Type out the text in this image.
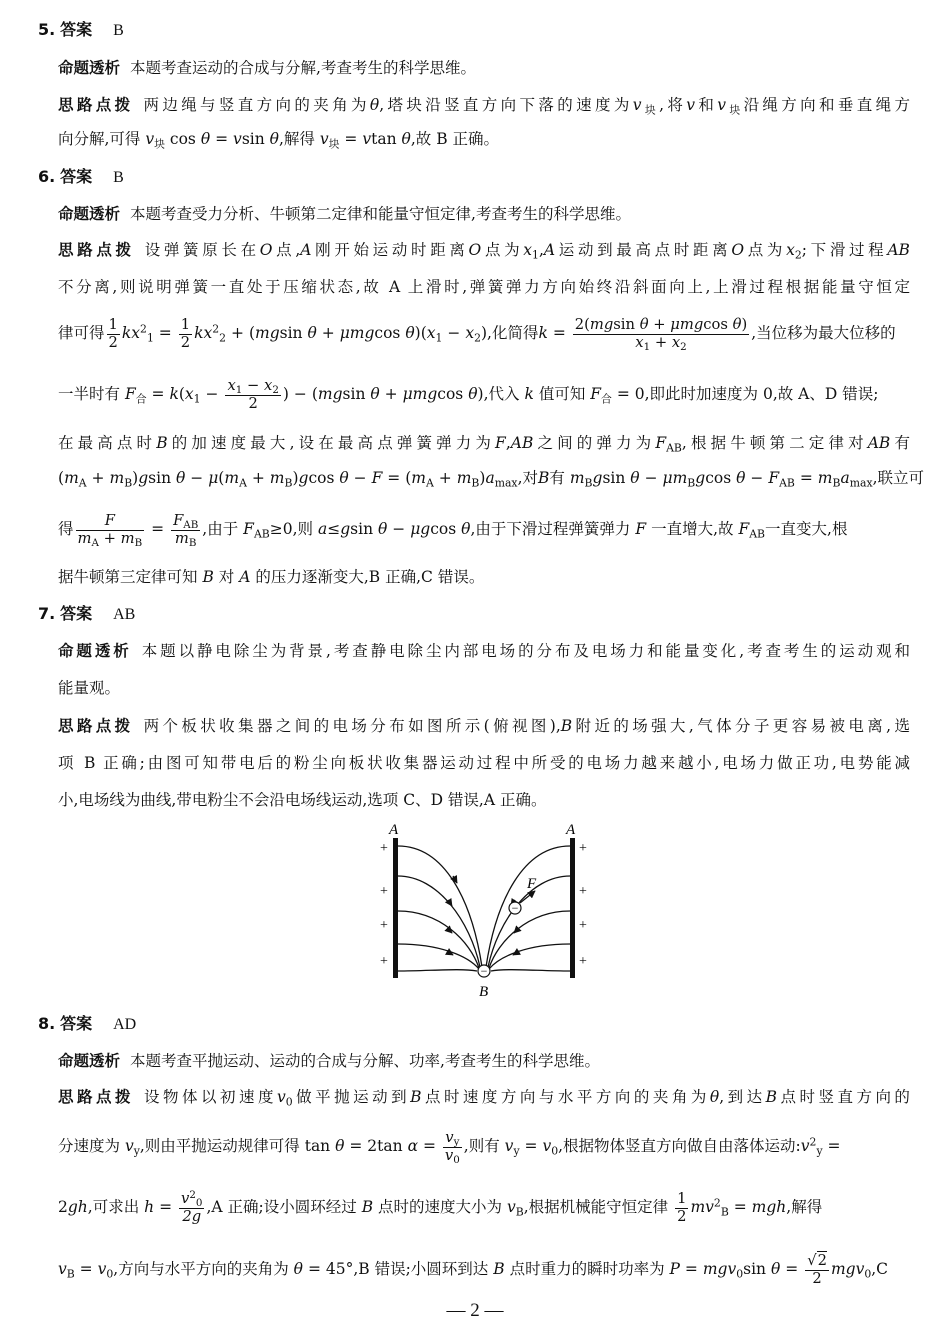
5. 答案 B
命题透析 本题考查运动的合成与分解,考查考生的科学思维。
思路点拨 两边绳与竖直方向的夹角为θ,塔块沿竖直方向下落的速度为$v_块$,将v和$v_块$沿绳方向和垂直绳方
向分解,可得 $v_块$ cos θ = vsin θ,解得 $v_块 = vtan$ θ,故 B 正确。
6. 答案 B
命题透析 本题考查受力分析、牛顿第二定律和能量守恒定律,考查考生的科学思维。
思路点拨 设弹簧原长在O点,A刚开始运动时距离O点为$x_1,A$运动到最高点时距离O点为$x_2$;下滑过程AB
不分离,则说明弹簧一直处于压缩状态,故 A 上滑时,弹簧弹力方向始终沿斜面向上,上滑过程根据能量守恒定
律可得 $\frac{1}{2} kx^2_1 = \frac{1}{2} kx^2_2 + (mgsin$ θ + μmgcos $\theta)(x_1 - x_2)$,化简得$k = \frac{\text{2(mgsin θ + μmgcos θ)}}{x_1 + x_2}$ ,当位移为最大位移的
一半时有 $F_合 = k(x_1 - \frac{x_1 - x_2}{2}$ ) − (mgsin θ + μmgcos θ),代入 k 值可知 $F_合 = 0$,即此时加速度为 0,故 A、D 错误;
在最高点时B的加速度最大,设在最高点弹簧弹力为F,AB之间的弹力为$F_{AB}$,根据牛顿第二定律对AB有
$(m_A + m_B)gsin$ $\theta - \mu(m_A + m_B)gcos$ $\theta - F = (m_A + m_B)a_{max}$,对B有 $m_Bgsin$ $\theta - \mu m_Bgcos$ $\theta - F_{AB} = m_Ba_{max}$,联立可
得 $\frac{F}{m_A + m_B} = \frac{F_{AB}}{m_B}$ ,由于 $F_{AB}\ge 0$,则 a≤gsin θ − μgcos θ,由于下滑过程弹簧弹力 F 一直增大,故 $F_{AB}$一直变大,根
据牛顿第三定律可知 B 对 A 的压力逐渐变大,B 正确,C 错误。
7. 答案 AB
命题透析 本题以静电除尘为背景,考查静电除尘内部电场的分布及电场力和能量变化,考查考生的运动观和
能量观。
思路点拨 两个板状收集器之间的电场分布如图所示(俯视图),B附近的场强大,气体分子更容易被电离,选
项 B 正确;由图可知带电后的粉尘向板状收集器运动过程中所受的电场力越来越小,电场力做正功,电势能减
小,电场线为曲线,带电粉尘不会沿电场线运动,选项 C、D 错误,A 正确。
A	A
+
+
+
+
+
+
+
+
−
F
−
B
8. 答案 AD
命题透析 本题考查平抛运动、运动的合成与分解、功率,考查考生的科学思维。
思路点拨 设物体以初速度$v_0$做平抛运动到B点时速度方向与水平方向的夹角为θ,到达B点时竖直方向的
分速度为 $v_y$,则由平抛运动规律可得 tan θ = 2tan $\alpha = \frac{v_y}{v_0}$ ,则有 $v_y = v_0$,根据物体竖直方向做自由落体运动$:v^2_y$ =
2gh,可求出 $h = \frac{v^2_0}{2g} ,A$ 正确;设小圆环经过 B 点时的速度大小为 $v_B$,根据机械能守恒定律 $\frac{1}{2} mv^2_B$ = mgh,解得
$v_B = v_0$,方向与水平方向的夹角为 θ = 45°,B 错误;小圆环到达 B 点时重力的瞬时功率为 P = mgv$_0$sin $\theta = \frac{√2}{2} mgv_0,C$
— 2 —
